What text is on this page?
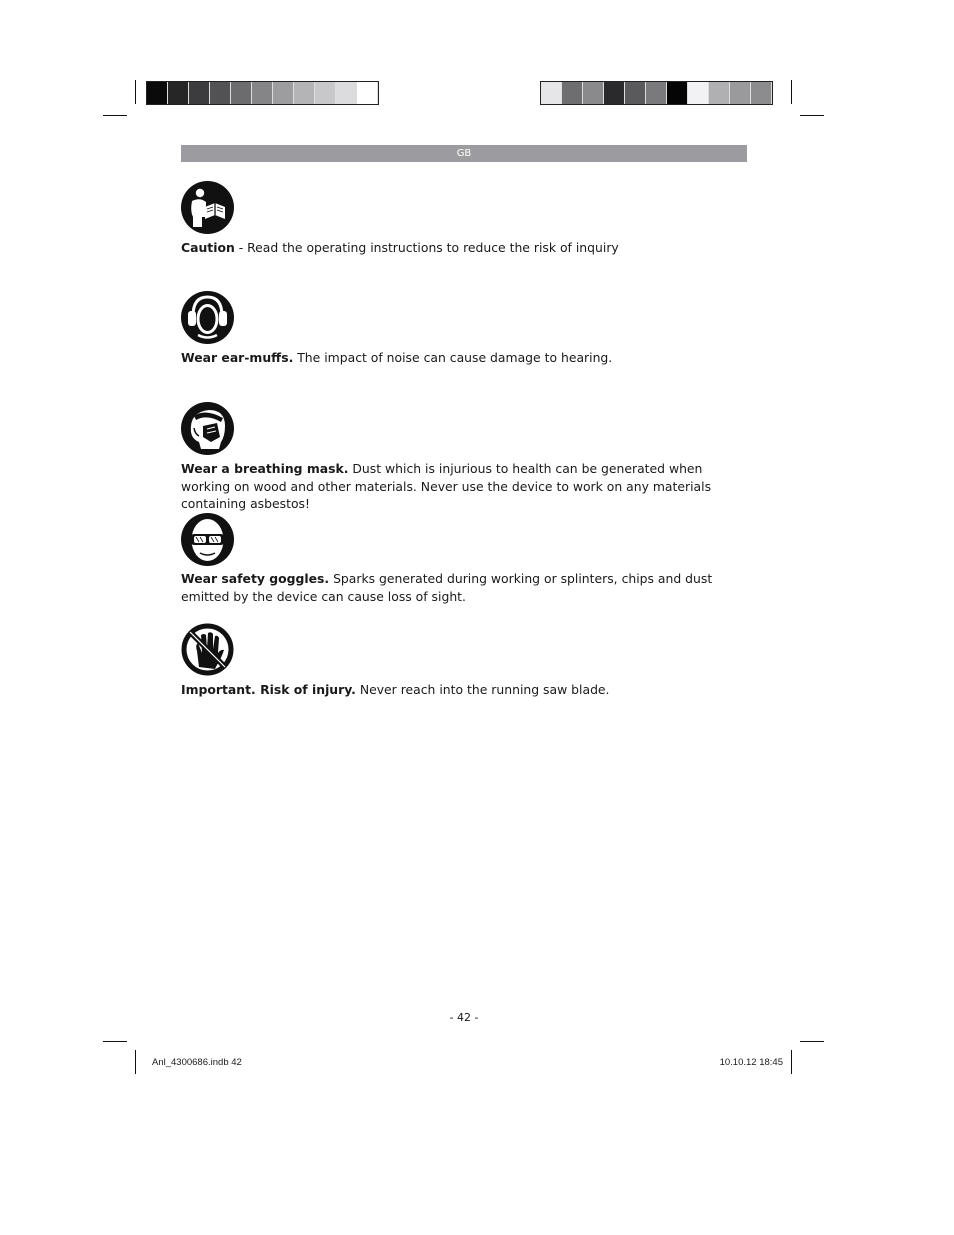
GB
Caution - Read the operating instructions to reduce the risk of inquiry
Wear ear-muffs. The impact of noise can cause damage to hearing.
Wear a breathing mask. Dust which is injurious to health can be generated when working on wood and other materials. Never use the device to work on any materials containing asbestos!
Wear safety goggles. Sparks generated during working or splinters, chips and dust emitted by the device can cause loss of sight.
Important. Risk of injury. Never reach into the running saw blade.
- 42 -
Anl_4300686.indb 42	10.10.12 18:45
